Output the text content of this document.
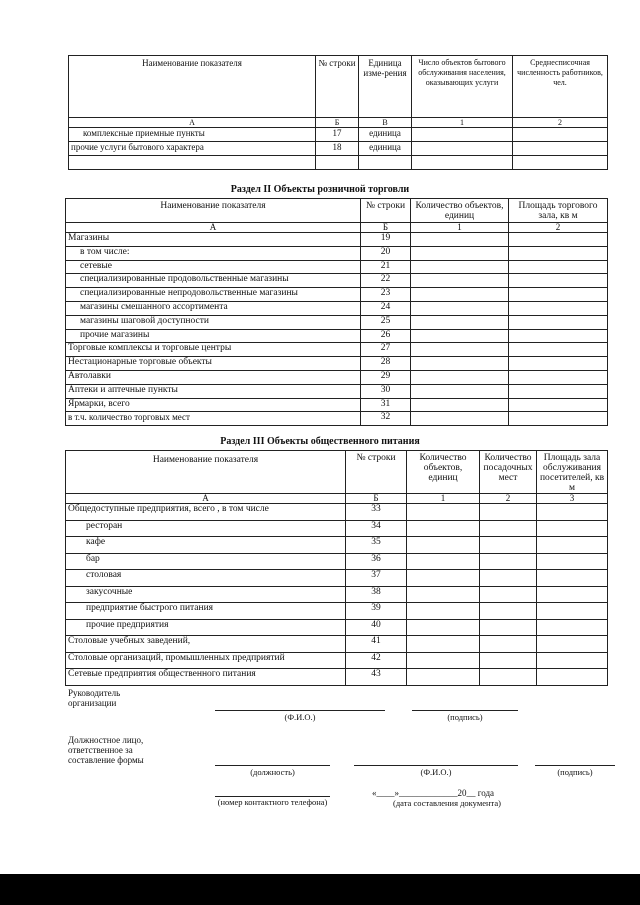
Наименование показателя	№ строки	Единица изме-рения	Число объектов бытового обслуживания населения, оказывающих услуги	Среднесписочная численность работников, чел.
А	Б	В	1	2
комплексные приемные пункты	17	единица		
прочие услуги бытового характера	18	единица		

Раздел II Объекты розничной торговли
Наименование показателя	№ строки	Количество объектов, единиц	Площадь торгового зала, кв м
А	Б	1	2
Магазины	19		
в том числе:	20		
сетевые	21		
специализированные продовольственные магазины	22		
специализированные непродовольственные магазины	23		
магазины смешанного ассортимента	24		
магазины шаговой доступности	25		
прочие магазины	26		
Торговые комплексы и торговые центры	27		
Нестационарные торговые объекты	28		
Автолавки	29		
Аптеки и аптечные пункты	30		
Ярмарки, всего	31		
в т.ч. количество торговых мест	32		
Раздел III Объекты общественного питания
Наименование показателя	№ строки	Количество объектов, единиц	Количество посадочных мест	Площадь зала обслуживания посетителей, кв м
А	Б	1	2	3
Общедоступные предприятия, всего , в том числе	33			
ресторан	34			
кафе	35			
бар	36			
столовая	37			
закусочные	38			
предприятие быстрого питания	39			
прочие предприятия	40			
Столовые учебных заведений,	41			
Столовые организаций, промышленных предприятий	42			
Сетевые предприятия общественного питания	43			
Руководитель организации
(Ф.И.О.)	(подпись)
Должностное лицо, ответственное за составление формы
(должность)	(Ф.И.О.)	(подпись)
(номер контактного телефона)
«____»_____________20__ года
(дата составления документа)
